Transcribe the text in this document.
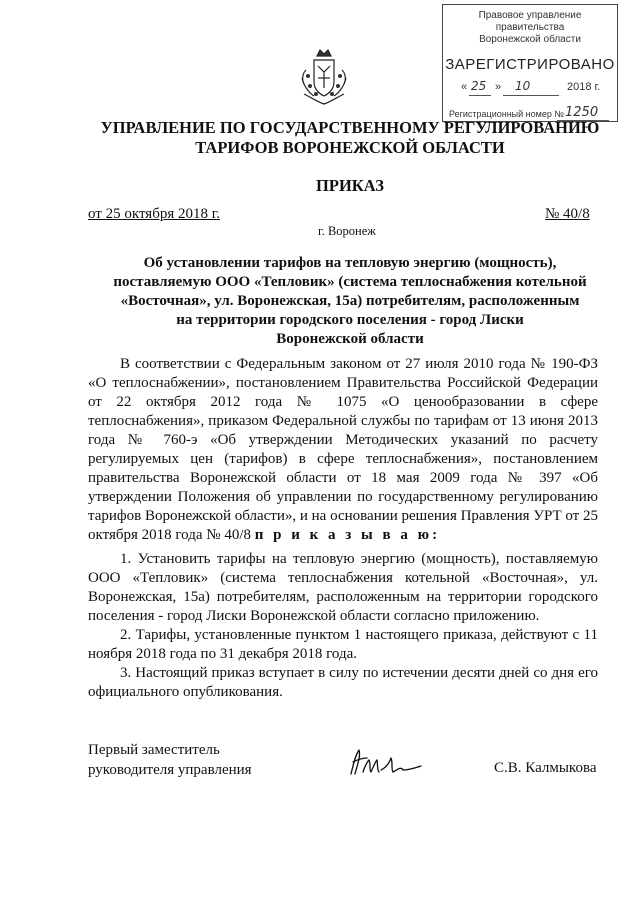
Правовое управление правительства
Воронежской области
ЗАРЕГИСТРИРОВАНО
« 25 » 10	2018 г.
Регистрационный номер № 1250
УПРАВЛЕНИЕ ПО ГОСУДАРСТВЕННОМУ РЕГУЛИРОВАНИЮ
ТАРИФОВ ВОРОНЕЖСКОЙ ОБЛАСТИ
ПРИКАЗ
от 25 октября 2018 г.	№ 40/8
г. Воронеж
Об установлении тарифов на тепловую энергию (мощность),
поставляемую ООО «Тепловик» (система теплоснабжения котельной
«Восточная», ул. Воронежская, 15а) потребителям, расположенным
на территории городского поселения - город Лиски
Воронежской области
В соответствии с Федеральным законом от 27 июля 2010 года № 190-ФЗ «О теплоснабжении», постановлением Правительства Российской Федерации от 22 октября 2012 года № 1075 «О ценообразовании в сфере теплоснабжения», приказом Федеральной службы по тарифам от 13 июня 2013 года № 760-э «Об утверждении Методических указаний по расчету регулируемых цен (тарифов) в сфере теплоснабжения», постановлением правительства Воронежской области от 18 мая 2009 года № 397 «Об утверждении Положения об управлении по государственному регулированию тарифов Воронежской области», и на основании решения Правления УРТ от 25 октября 2018 года № 40/8 п р и к а з ы в а ю:

1. Установить тарифы на тепловую энергию (мощность), поставляемую ООО «Тепловик» (система теплоснабжения котельной «Восточная», ул. Воронежская, 15а) потребителям, расположенным на территории городского поселения - город Лиски Воронежской области согласно приложению.

2. Тарифы, установленные пунктом 1 настоящего приказа, действуют с 11 ноября 2018 года по 31 декабря 2018 года.

3. Настоящий приказ вступает в силу по истечении десяти дней со дня его официального опубликования.

Первый заместитель
руководителя управления	С.В. Калмыкова
